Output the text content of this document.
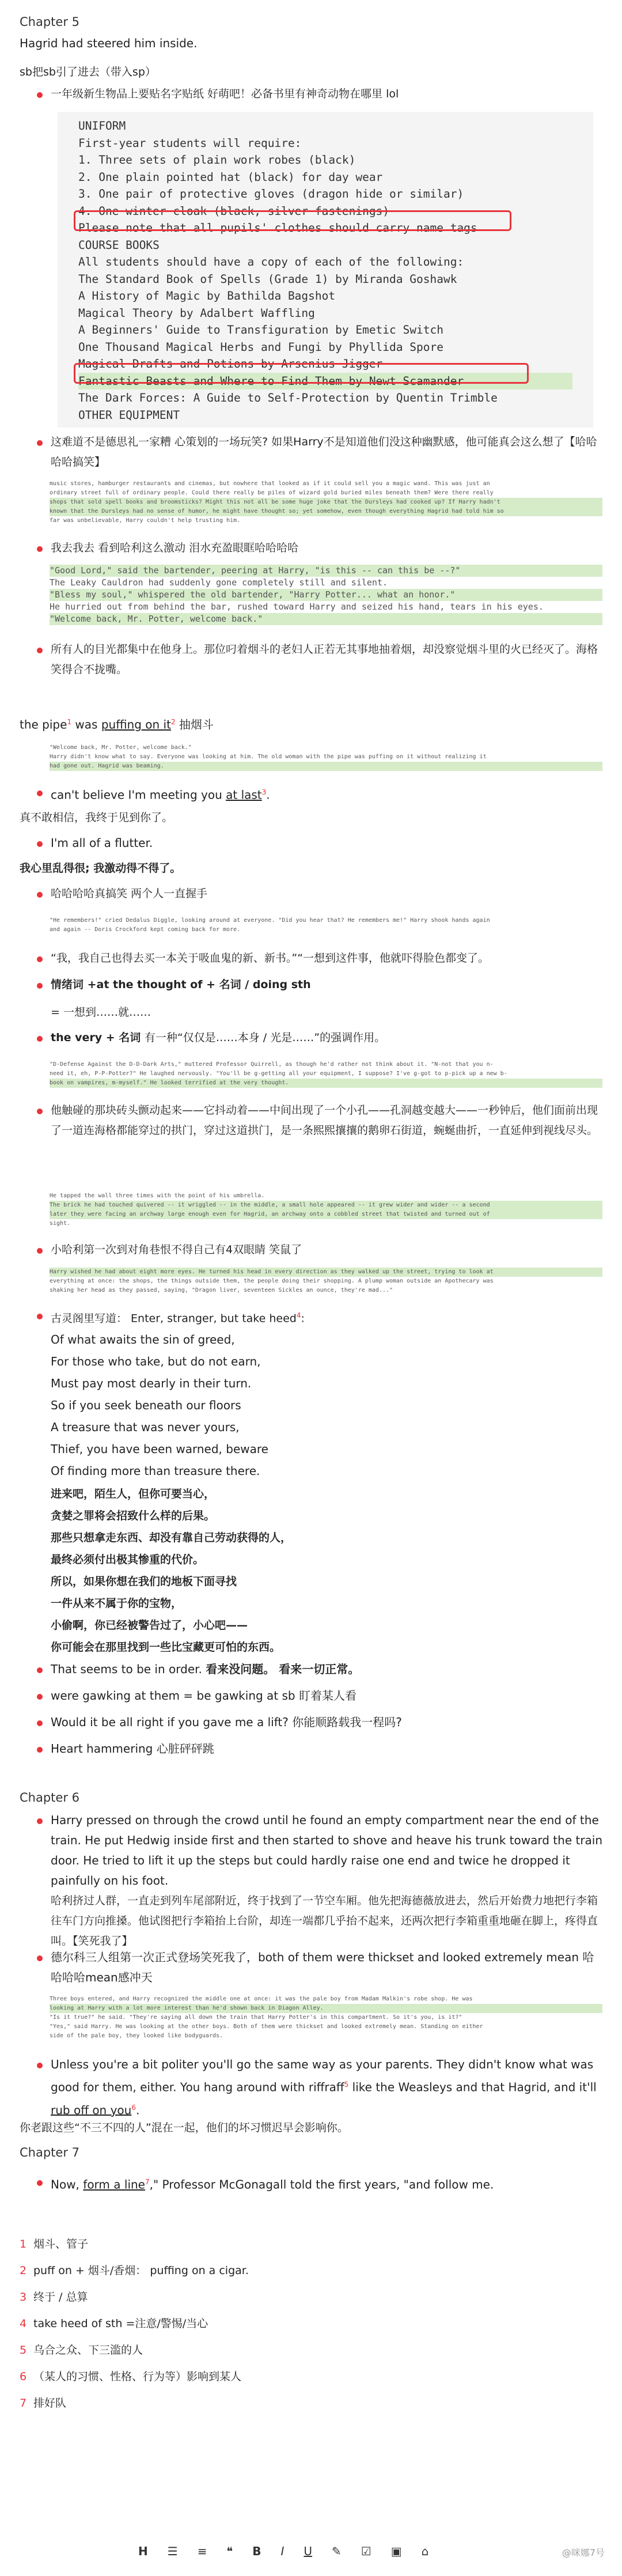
Chapter 5
Hagrid had steered him inside.
sb把sb引了进去（带入sp）
一年级新生物品上要贴名字贴纸 好萌吧！必备书里有神奇动物在哪里 lol
UNIFORM
First-year students will require:
1. Three sets of plain work robes (black)
2. One plain pointed hat (black) for day wear
3. One pair of protective gloves (dragon hide or similar)
4. One winter cloak (black, silver fastenings)
Please note that all pupils' clothes should carry name tags
COURSE BOOKS
All students should have a copy of each of the following:
The Standard Book of Spells (Grade 1) by Miranda Goshawk
A History of Magic by Bathilda Bagshot
Magical Theory by Adalbert Waffling
A Beginners' Guide to Transfiguration by Emetic Switch
One Thousand Magical Herbs and Fungi by Phyllida Spore
Magical Drafts and Potions by Arsenius Jigger
Fantastic Beasts and Where to Find Them by Newt Scamander
The Dark Forces: A Guide to Self-Protection by Quentin Trimble
OTHER EQUIPMENT
这难道不是德思礼一家糟 心策划的一场玩笑? 如果Harry不是知道他们没这种幽默感，他可能真会这么想了【哈哈哈哈搞笑】
music stores, hamburger restaurants and cinemas, but nowhere that looked as if it could sell you a magic wand. This was just an
ordinary street full of ordinary people. Could there really be piles of wizard gold buried miles beneath them? Were there really
shops that sold spell books and broomsticks? Might this not all be some huge joke that the Dursleys had cooked up? If Harry hadn't
known that the Dursleys had no sense of humor, he might have thought so; yet somehow, even though everything Hagrid had told him so
far was unbelievable, Harry couldn't help trusting him.
我去我去 看到哈利这么激动 泪水充盈眼眶哈哈哈哈
"Good Lord," said the bartender, peering at Harry, "is this -- can this be --?"
The Leaky Cauldron had suddenly gone completely still and silent.
"Bless my soul," whispered the old bartender, "Harry Potter... what an honor."
He hurried out from behind the bar, rushed toward Harry and seized his hand, tears in his eyes.
"Welcome back, Mr. Potter, welcome back."
所有人的目光都集中在他身上。那位叼着烟斗的老妇人正若无其事地抽着烟，却没察觉烟斗里的火已经灭了。海格笑得合不拢嘴。
the pipe$^1$ was puffing on $it^2$ 抽烟斗
"Welcome back, Mr. Potter, welcome back."
Harry didn't know what to say. Everyone was looking at him. The old woman with the pipe was puffing on it without realizing it
had gone out. Hagrid was beaming.
can't believe I'm meeting you at last$^3$.
真不敢相信，我终于见到你了。
I'm all of a flutter.
我心里乱得很; 我激动得不得了。
哈哈哈哈真搞笑 两个人一直握手
"He remembers!" cried Dedalus Diggle, looking around at everyone. "Did you hear that? He remembers me!" Harry shook hands again
and again -- Doris Crockford kept coming back for more.
“我，我自己也得去买一本关于吸血鬼的新、新书。”“一想到这件事，他就吓得脸色都变了。
情绪词 +at the thought of + 名词 / doing sth
= 一想到……就……
the very + 名词 有一种“仅仅是……本身 / 光是……”的强调作用。
"D-Defense Against the D-D-Dark Arts," muttered Professor Quirrell, as though he'd rather not think about it. "N-not that you n-
need it, eh, P-P-Potter?" He laughed nervously. "You'll be g-getting all your equipment, I suppose? I've g-got to p-pick up a new b-
book on vampires, m-myself." He looked terrified at the very thought.
他触碰的那块砖头颤动起来——它抖动着——中间出现了一个小孔——孔洞越变越大——一秒钟后，他们面前出现了一道连海格都能穿过的拱门，穿过这道拱门，是一条熙熙攘攘的鹅卵石街道，蜿蜒曲折，一直延伸到视线尽头。
He tapped the wall three times with the point of his umbrella.
The brick he had touched quivered -- it wriggled -- in the middle, a small hole appeared -- it grew wider and wider -- a second
later they were facing an archway large enough even for Hagrid, an archway onto a cobbled street that twisted and turned out of
sight.
小哈利第一次到对角巷恨不得自己有4双眼睛 笑鼠了
Harry wished he had about eight more eyes. He turned his head in every direction as they walked up the street, trying to look at
everything at once: the shops, the things outside them, the people doing their shopping. A plump woman outside an Apothecary was
shaking her head as they passed, saying, "Dragon liver, seventeen Sickles an ounce, they're mad..."
古灵阁里写道： Enter, stranger, but take heed$^4$:
Of what awaits the sin of greed,
For those who take, but do not earn,
Must pay most dearly in their turn.
So if you seek beneath our floors
A treasure that was never yours,
Thief, you have been warned, beware
Of finding more than treasure there.
进来吧，陌生人，但你可要当心，
贪婪之罪将会招致什么样的后果。
那些只想拿走东西、却没有靠自己劳动获得的人，
最终必须付出极其惨重的代价。
所以，如果你想在我们的地板下面寻找
一件从来不属于你的宝物，
小偷啊，你已经被警告过了，小心吧——
你可能会在那里找到一些比宝藏更可怕的东西。
That seems to be in order. 看来没问题。 看来一切正常。
were gawking at them = be gawking at sb 盯着某人看
Would it be all right if you gave me a lift? 你能顺路载我一程吗?
Heart hammering 心脏砰砰跳
Chapter 6
Harry pressed on through the crowd until he found an empty compartment near the end of the train. He put Hedwig inside first and then started to shove and heave his trunk toward the train door. He tried to lift it up the steps but could hardly raise one end and twice he dropped it painfully on his foot.
哈利挤过人群，一直走到列车尾部附近，终于找到了一节空车厢。他先把海德薇放进去，然后开始费力地把行李箱往车门方向推搡。他试图把行李箱抬上台阶，却连一端都几乎抬不起来，还两次把行李箱重重地砸在脚上，疼得直叫。【笑死我了】
德尔科三人组第一次正式登场笑死我了，both of them were thickset and looked extremely mean 哈哈哈哈mean感冲天
Three boys entered, and Harry recognized the middle one at once: it was the pale boy from Madam Malkin's robe shop. He was
looking at Harry with a lot more interest than he'd shown back in Diagon Alley.
"Is it true?" he said. "They're saying all down the train that Harry Potter's in this compartment. So it's you, is it?"
"Yes," said Harry. He was looking at the other boys. Both of them were thickset and looked extremely mean. Standing on either
side of the pale boy, they looked like bodyguards.
Unless you're a bit politer you'll go the same way as your parents. They didn't know what was good for them, either. You hang around with riffraff$^5$ like the Weasleys and that Hagrid, and it'll rub off on you$^6$.
你老跟这些“不三不四的人”混在一起，他们的坏习惯迟早会影响你。
Chapter 7
Now, form a line$^7$," Professor McGonagall told the first years, "and follow me.
1 烟斗、管子
2 puff on + 烟斗/香烟： puffing on a cigar.
3 终于 / 总算
4 take heed of sth =注意/警惕/当心
5 乌合之众、下三滥的人
6 （某人的习惯、性格、行为等）影响到某人
7 排好队
H ☰ ≡ ❝ B I U ✎ ☑ ▣ ⌂	@咪娜7号
